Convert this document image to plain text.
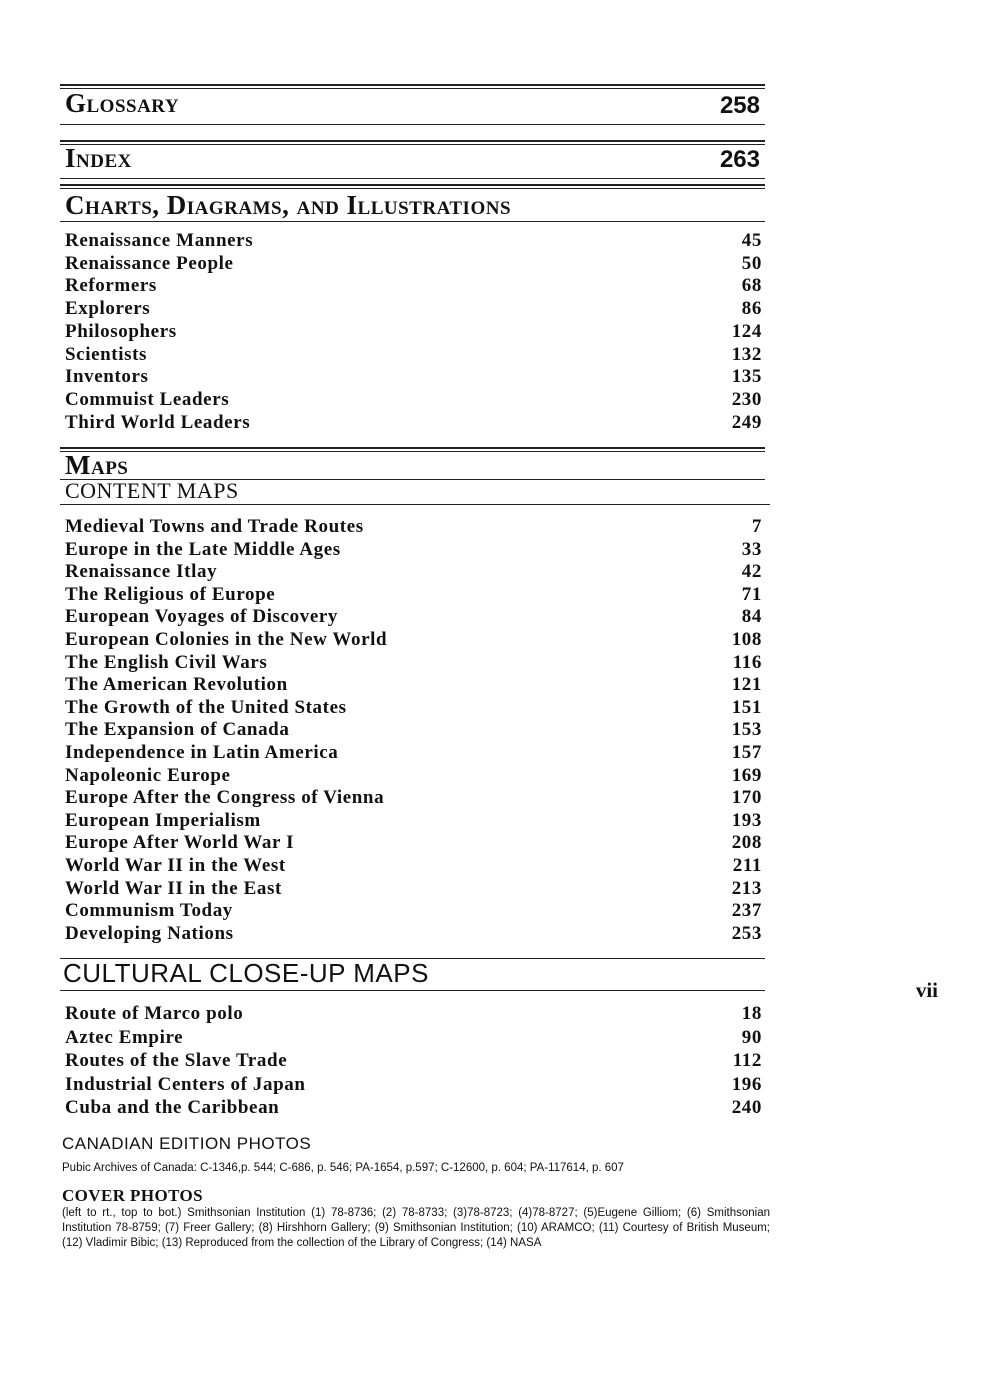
Glossary	258
Index	263
Charts, Diagrams, and Illustrations
Renaissance Manners	45
Renaissance People	50
Reformers	68
Explorers	86
Philosophers	124
Scientists	132
Inventors	135
Commuist Leaders	230
Third World Leaders	249
Maps
CONTENT MAPS
Medieval Towns and Trade Routes	7
Europe in the Late Middle Ages	33
Renaissance Itlay	42
The Religious of Europe	71
European Voyages of Discovery	84
European Colonies in the New World	108
The English Civil Wars	116
The American Revolution	121
The Growth of the United States	151
The Expansion of Canada	153
Independence in Latin America	157
Napoleonic Europe	169
Europe After the Congress of Vienna	170
European Imperialism	193
Europe After World War I	208
World War II in the West	211
World War II in the East	213
Communism Today	237
Developing Nations	253
CULTURAL CLOSE-UP MAPS
Route of Marco polo	18
Aztec Empire	90
Routes of the Slave Trade	112
Industrial Centers of Japan	196
Cuba and the Caribbean	240
CANADIAN EDITION PHOTOS
Pubic Archives of Canada: C-1346,p. 544; C-686, p. 546; PA-1654, p.597; C-12600, p. 604; PA-117614, p. 607
COVER PHOTOS
(left to rt., top to bot.) Smithsonian Institution (1) 78-8736; (2) 78-8733; (3)78-8723; (4)78-8727; (5)Eugene Gilliom; (6) Smithsonian Institution 78-8759; (7) Freer Gallery; (8) Hirshhorn Gallery; (9) Smithsonian Institution; (10) ARAMCO; (11) Courtesy of British Museum; (12) Vladimir Bibic; (13) Reproduced from the collection of the Library of Congress; (14) NASA
vii
